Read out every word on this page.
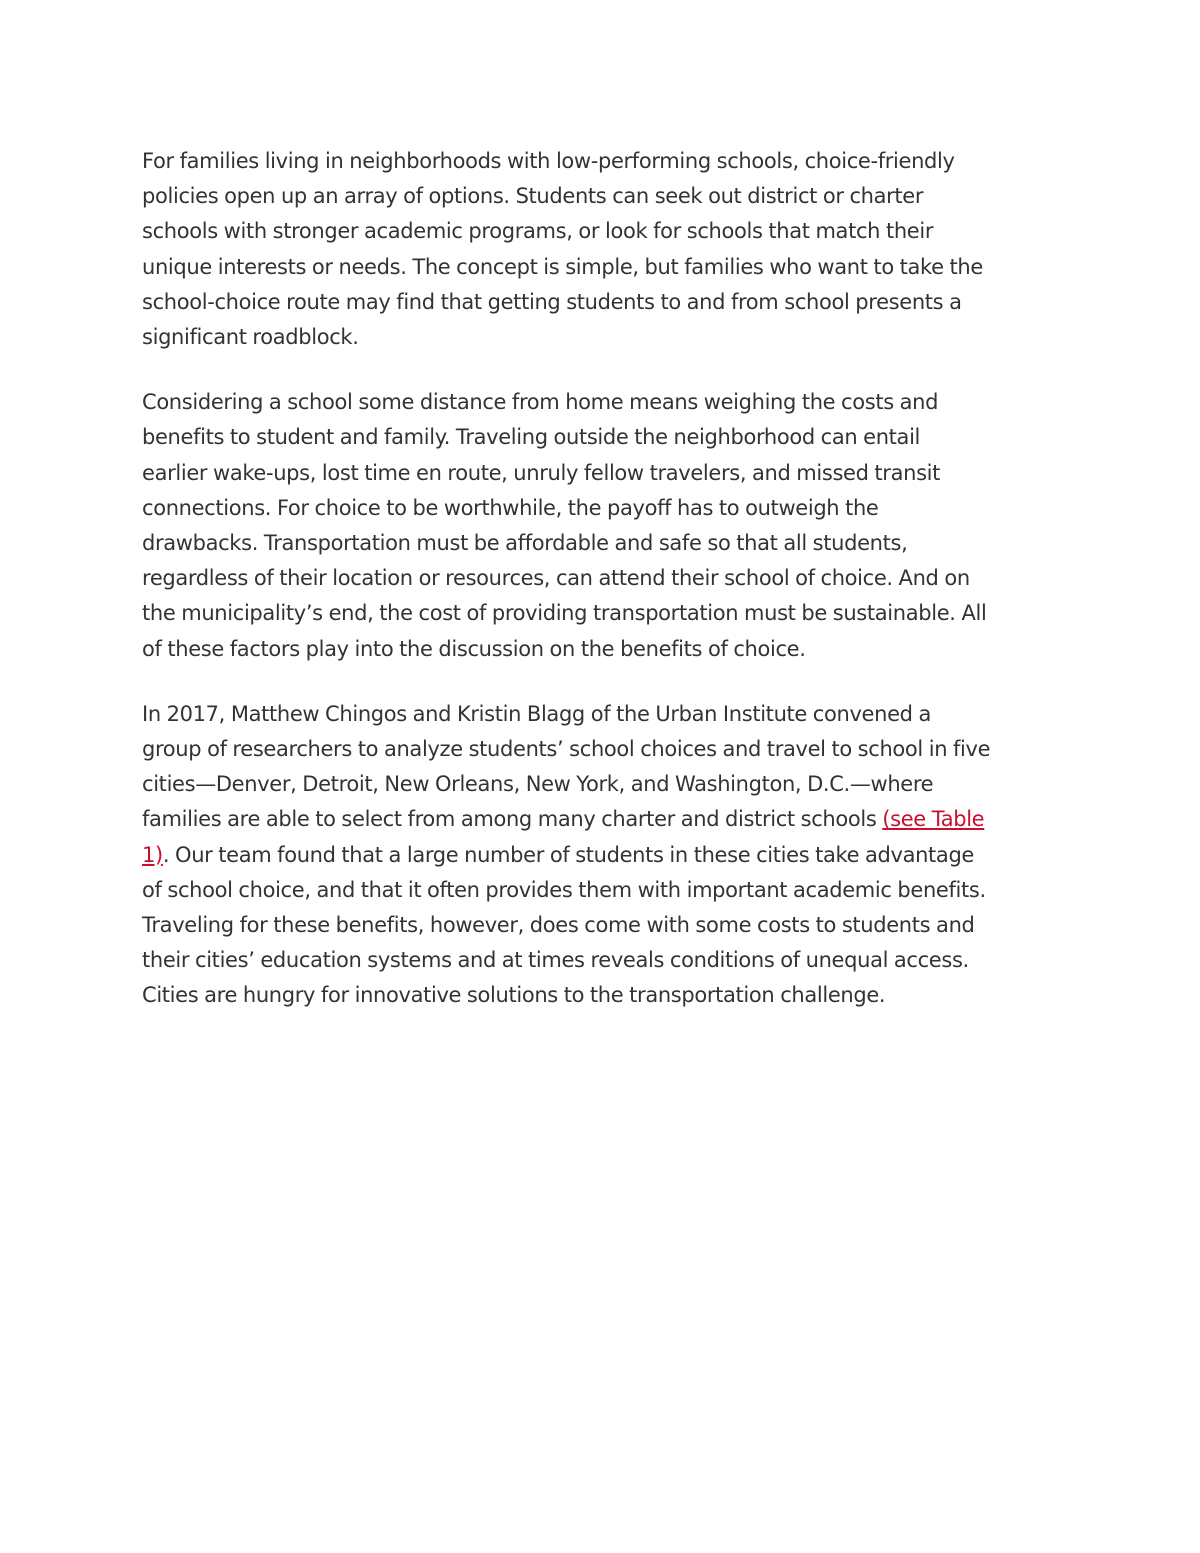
For families living in neighborhoods with low-performing schools, choice-friendly
policies open up an array of options. Students can seek out district or charter
schools with stronger academic programs, or look for schools that match their
unique interests or needs. The concept is simple, but families who want to take the
school-choice route may find that getting students to and from school presents a
significant roadblock.

Considering a school some distance from home means weighing the costs and
benefits to student and family. Traveling outside the neighborhood can entail
earlier wake-ups, lost time en route, unruly fellow travelers, and missed transit
connections. For choice to be worthwhile, the payoff has to outweigh the
drawbacks. Transportation must be affordable and safe so that all students,
regardless of their location or resources, can attend their school of choice. And on
the municipality’s end, the cost of providing transportation must be sustainable. All
of these factors play into the discussion on the benefits of choice.

In 2017, Matthew Chingos and Kristin Blagg of the Urban Institute convened a
group of researchers to analyze students’ school choices and travel to school in five
cities—Denver, Detroit, New Orleans, New York, and Washington, D.C.—where
families are able to select from among many charter and district schools (see Table
1). Our team found that a large number of students in these cities take advantage
of school choice, and that it often provides them with important academic benefits.
Traveling for these benefits, however, does come with some costs to students and
their cities’ education systems and at times reveals conditions of unequal access.
Cities are hungry for innovative solutions to the transportation challenge.
